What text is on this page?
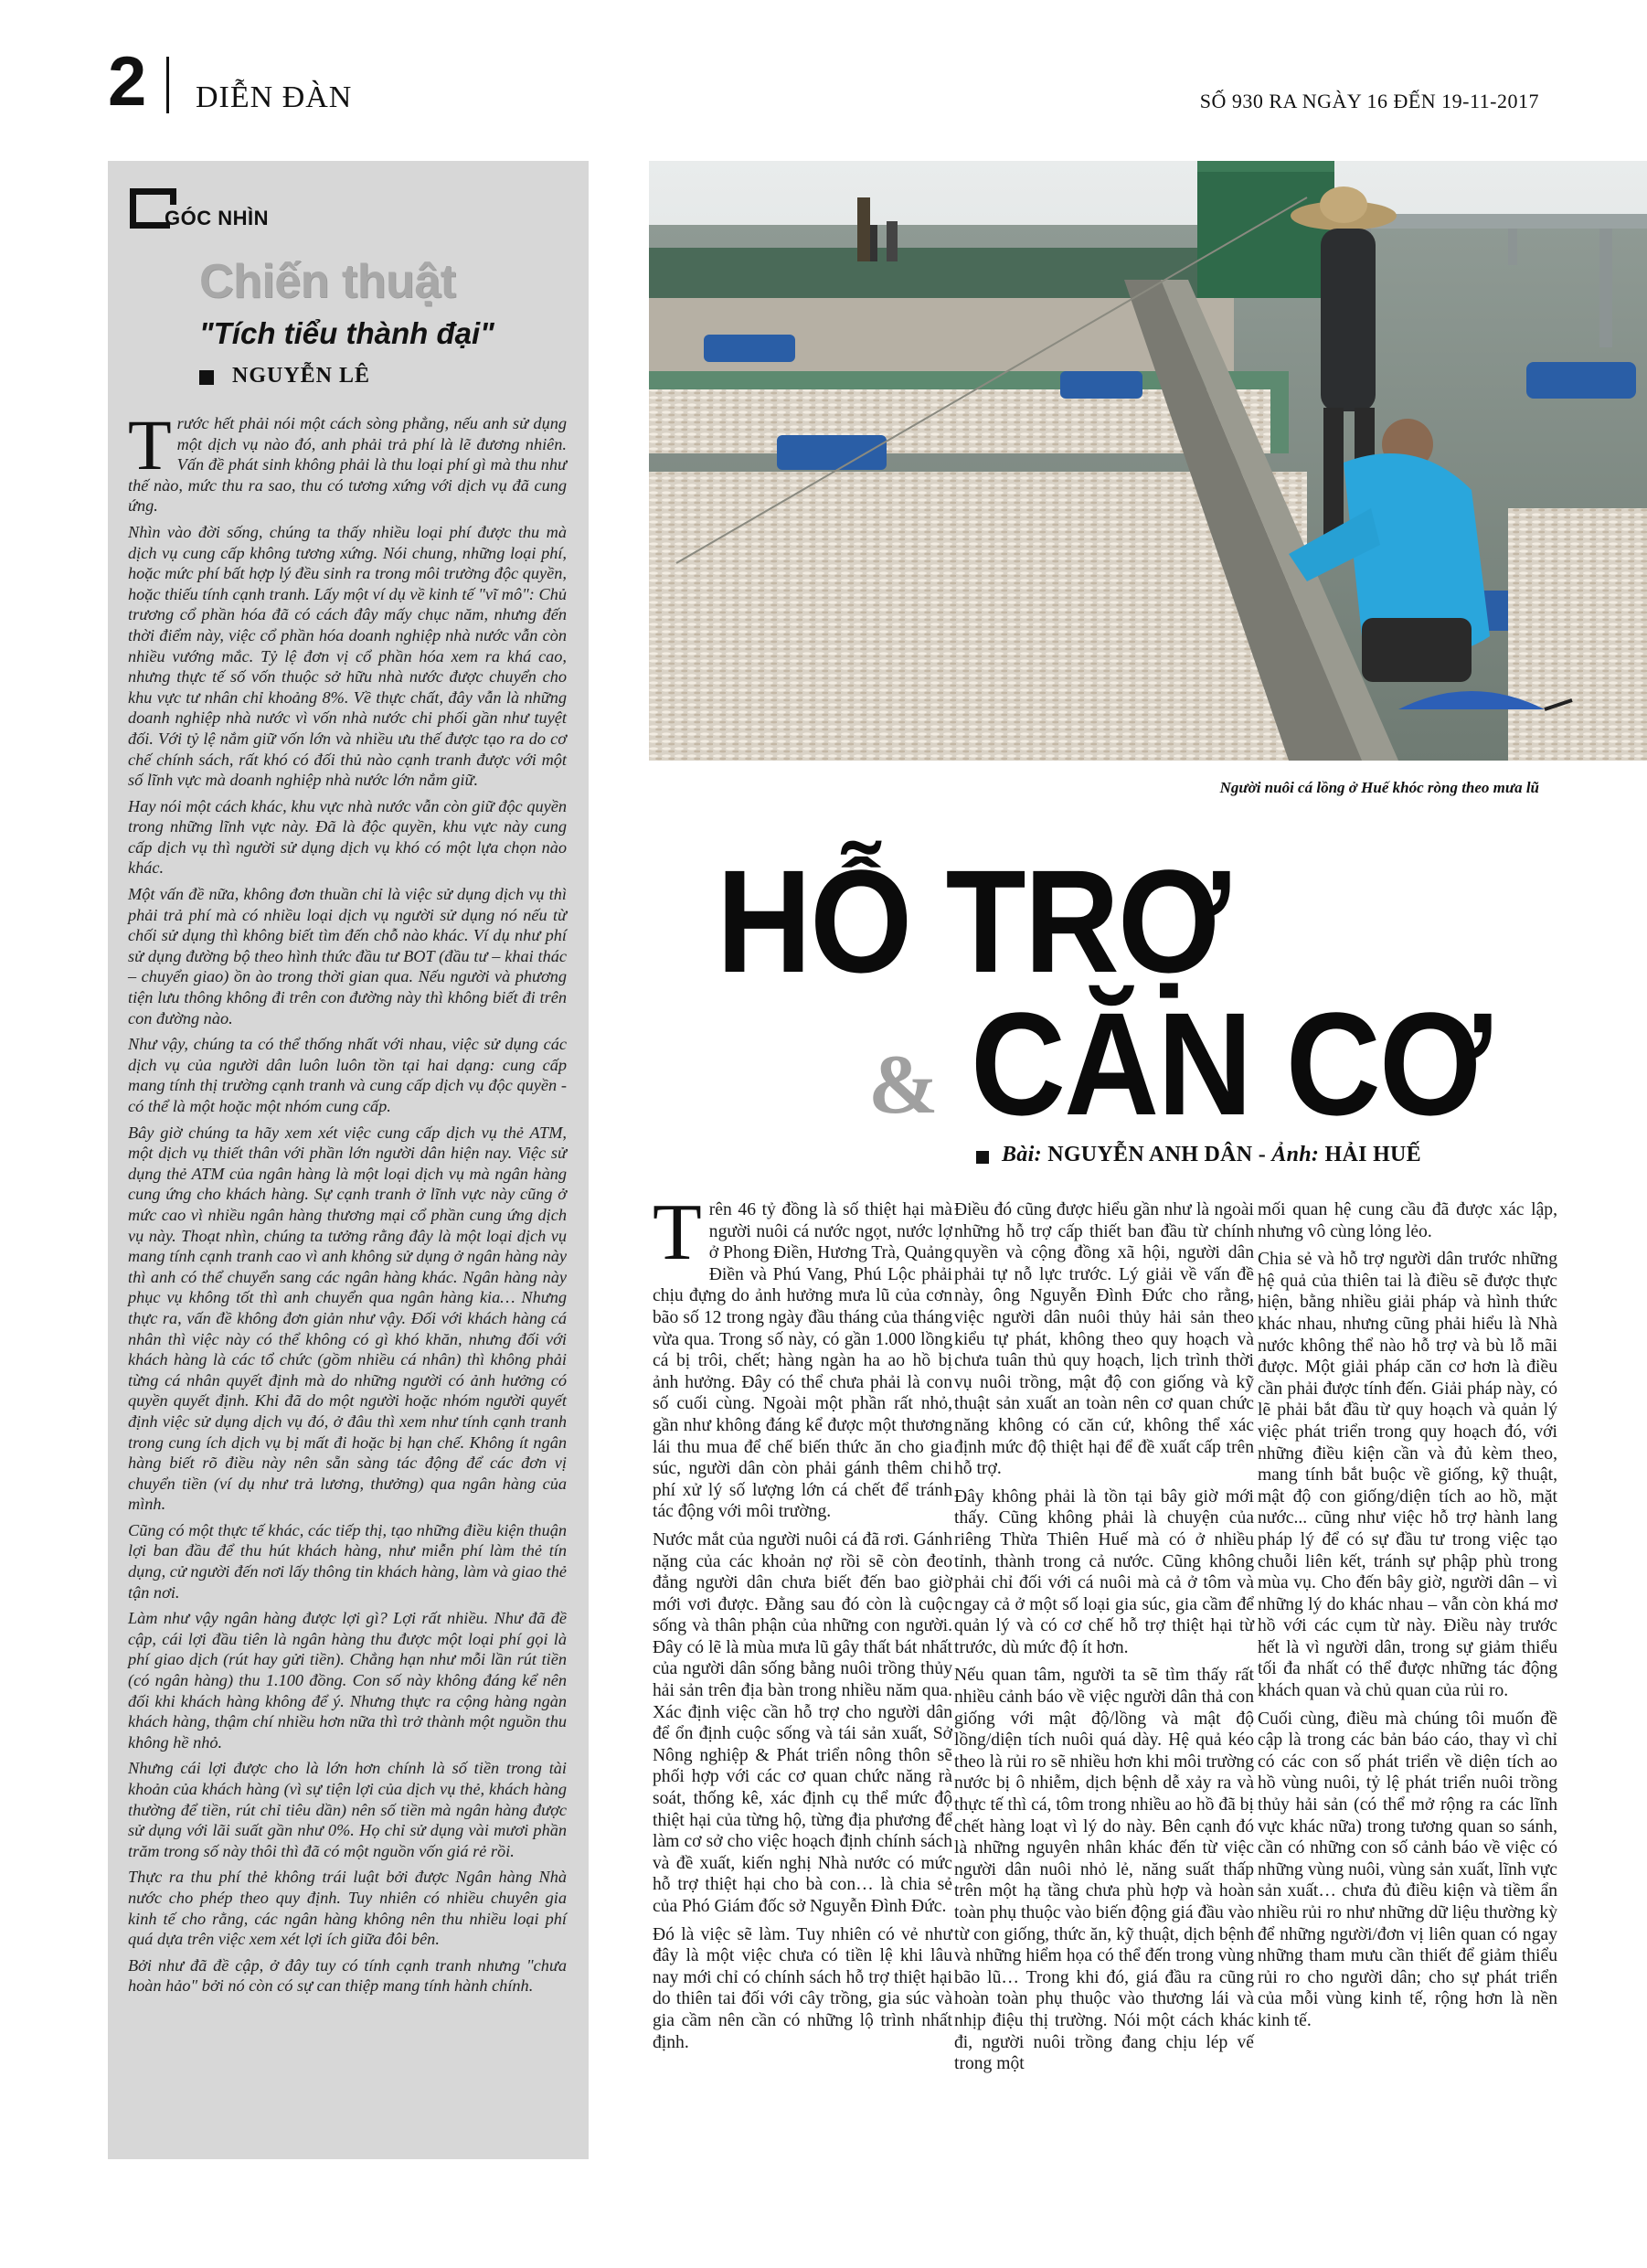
2 DIỄN ĐÀN	SỐ 930 RA NGÀY 16 ĐẾN 19-11-2017
GÓC NHÌN
Chiến thuật
"Tích tiểu thành đại"
NGUYỄN LÊ

Trước hết phải nói một cách sòng phẳng, nếu anh sử dụng một dịch vụ nào đó, anh phải trả phí là lẽ đương nhiên. Vấn đề phát sinh không phải là thu loại phí gì mà thu như thế nào, mức thu ra sao, thu có tương xứng với dịch vụ đã cung ứng.

Nhìn vào đời sống, chúng ta thấy nhiều loại phí được thu mà dịch vụ cung cấp không tương xứng. Nói chung, những loại phí, hoặc mức phí bất hợp lý đều sinh ra trong môi trường độc quyền, hoặc thiếu tính cạnh tranh. Lấy một ví dụ về kinh tế "vĩ mô": Chủ trương cổ phần hóa đã có cách đây mấy chục năm, nhưng đến thời điểm này, việc cổ phần hóa doanh nghiệp nhà nước vẫn còn nhiều vướng mắc. Tỷ lệ đơn vị cổ phần hóa xem ra khá cao, nhưng thực tế số vốn thuộc sở hữu nhà nước được chuyển cho khu vực tư nhân chỉ khoảng 8%. Về thực chất, đây vẫn là những doanh nghiệp nhà nước vì vốn nhà nước chi phối gần như tuyệt đối. Với tỷ lệ nắm giữ vốn lớn và nhiều ưu thế được tạo ra do cơ chế chính sách, rất khó có đối thủ nào cạnh tranh được với một số lĩnh vực mà doanh nghiệp nhà nước lớn nắm giữ.

Hay nói một cách khác, khu vực nhà nước vẫn còn giữ độc quyền trong những lĩnh vực này. Đã là độc quyền, khu vực này cung cấp dịch vụ thì người sử dụng dịch vụ khó có một lựa chọn nào khác.

Một vấn đề nữa, không đơn thuần chỉ là việc sử dụng dịch vụ thì phải trả phí mà có nhiều loại dịch vụ người sử dụng nó nếu từ chối sử dụng thì không biết tìm đến chỗ nào khác. Ví dụ như phí sử dụng đường bộ theo hình thức đầu tư BOT (đầu tư – khai thác – chuyển giao) ồn ào trong thời gian qua. Nếu người và phương tiện lưu thông không đi trên con đường này thì không biết đi trên con đường nào.

Như vậy, chúng ta có thể thống nhất với nhau, việc sử dụng các dịch vụ của người dân luôn luôn tồn tại hai dạng: cung cấp mang tính thị trường cạnh tranh và cung cấp dịch vụ độc quyền - có thể là một hoặc một nhóm cung cấp.

Bây giờ chúng ta hãy xem xét việc cung cấp dịch vụ thẻ ATM, một dịch vụ thiết thân với phần lớn người dân hiện nay. Việc sử dụng thẻ ATM của ngân hàng là một loại dịch vụ mà ngân hàng cung ứng cho khách hàng. Sự cạnh tranh ở lĩnh vực này cũng ở mức cao vì nhiều ngân hàng thương mại cổ phần cung ứng dịch vụ này. Thoạt nhìn, chúng ta tưởng rằng đây là một loại dịch vụ mang tính cạnh tranh cao vì anh không sử dụng ở ngân hàng này thì anh có thể chuyển sang các ngân hàng khác. Ngân hàng này phục vụ không tốt thì anh chuyển qua ngân hàng kia… Nhưng thực ra, vấn đề không đơn giản như vậy. Đối với khách hàng cá nhân thì việc này có thể không có gì khó khăn, nhưng đối với khách hàng là các tổ chức (gồm nhiều cá nhân) thì không phải từng cá nhân quyết định mà do những người có ảnh hưởng có quyền quyết định. Khi đã do một người hoặc nhóm người quyết định việc sử dụng dịch vụ đó, ở đâu thì xem như tính cạnh tranh trong cung ích dịch vụ bị mất đi hoặc bị hạn chế. Không ít ngân hàng biết rõ điều này nên sẵn sàng tác động để các đơn vị chuyển tiền (ví dụ như trả lương, thưởng) qua ngân hàng của mình.

Cũng có một thực tế khác, các tiếp thị, tạo những điều kiện thuận lợi ban đầu để thu hút khách hàng, như miễn phí làm thẻ tín dụng, cử người đến nơi lấy thông tin khách hàng, làm và giao thẻ tận nơi.

Làm như vậy ngân hàng được lợi gì? Lợi rất nhiều. Như đã đề cập, cái lợi đầu tiên là ngân hàng thu được một loại phí gọi là phí giao dịch (rút hay gửi tiền). Chẳng hạn như mỗi lần rút tiền (có ngân hàng) thu 1.100 đồng. Con số này không đáng kể nên đối khi khách hàng không để ý. Nhưng thực ra cộng hàng ngàn khách hàng, thậm chí nhiều hơn nữa thì trở thành một nguồn thu không hề nhỏ.

Nhưng cái lợi được cho là lớn hơn chính là số tiền trong tài khoản của khách hàng (vì sự tiện lợi của dịch vụ thẻ, khách hàng thường để tiền, rút chỉ tiêu dần) nên số tiền mà ngân hàng được sử dụng với lãi suất gần như 0%. Họ chỉ sử dụng vài mươi phần trăm trong số này thôi thì đã có một nguồn vốn giá rẻ rồi.

Thực ra thu phí thẻ không trái luật bởi được Ngân hàng Nhà nước cho phép theo quy định. Tuy nhiên có nhiều chuyên gia kinh tế cho rằng, các ngân hàng không nên thu nhiều loại phí quá dựa trên việc xem xét lợi ích giữa đôi bên.

Bởi như đã đề cập, ở đây tuy có tính cạnh tranh nhưng "chưa hoàn hảo" bởi nó còn có sự can thiệp mang tính hành chính.

Người nuôi cá lồng ở Huế khóc ròng theo mưa lũ
HỖ TRỢ
& CĂN CƠ
Bài: NGUYỄN ANH DÂN - Ảnh: HẢI HUẾ

Trên 46 tỷ đồng là số thiệt hại mà người nuôi cá nước ngọt, nước lợ ở Phong Điền, Hương Trà, Quảng Điền và Phú Vang, Phú Lộc phải chịu đựng do ảnh hưởng mưa lũ của cơn bão số 12 trong ngày đầu tháng của tháng vừa qua. Trong số này, có gần 1.000 lồng cá bị trôi, chết; hàng ngàn ha ao hồ bị ảnh hưởng. Đây có thể chưa phải là con số cuối cùng. Ngoài một phần rất nhỏ, gần như không đáng kể được một thương lái thu mua để chế biến thức ăn cho gia súc, người dân còn phải gánh thêm chi phí xử lý số lượng lớn cá chết để tránh tác động với môi trường.

Nước mắt của người nuôi cá đã rơi. Gánh nặng của các khoản nợ rồi sẽ còn đeo đẳng người dân chưa biết đến bao giờ mới vơi được. Đằng sau đó còn là cuộc sống và thân phận của những con người. Đây có lẽ là mùa mưa lũ gây thất bát nhất của người dân sống bằng nuôi trồng thủy hải sản trên địa bàn trong nhiều năm qua. Xác định việc cần hỗ trợ cho người dân để ổn định cuộc sống và tái sản xuất, Sở Nông nghiệp & Phát triển nông thôn sẽ phối hợp với các cơ quan chức năng rà soát, thống kê, xác định cụ thể mức độ thiệt hại của từng hộ, từng địa phương để làm cơ sở cho việc hoạch định chính sách và đề xuất, kiến nghị Nhà nước có mức hỗ trợ thiệt hại cho bà con… là chia sẻ của Phó Giám đốc sở Nguyễn Đình Đức.

Đó là việc sẽ làm. Tuy nhiên có vẻ như đây là một việc chưa có tiền lệ khi lâu nay mới chỉ có chính sách hỗ trợ thiệt hại do thiên tai đối với cây trồng, gia súc và gia cầm nên cần có những lộ trình nhất định.

Điều đó cũng được hiểu gần như là ngoài những hỗ trợ cấp thiết ban đầu từ chính quyền và cộng đồng xã hội, người dân phải tự nỗ lực trước. Lý giải về vấn đề này, ông Nguyễn Đình Đức cho rằng, việc người dân nuôi thủy hải sản theo kiểu tự phát, không theo quy hoạch và chưa tuân thủ quy hoạch, lịch trình thời vụ nuôi trồng, mật độ con giống và kỹ thuật sản xuất an toàn nên cơ quan chức năng không có căn cứ, không thể xác định mức độ thiệt hại để đề xuất cấp trên hỗ trợ.

Đây không phải là tồn tại bây giờ mới thấy. Cũng không phải là chuyện của riêng Thừa Thiên Huế mà có ở nhiều tỉnh, thành trong cả nước. Cũng không phải chỉ đối với cá nuôi mà cả ở tôm và ngay cả ở một số loại gia súc, gia cầm để quản lý và có cơ chế hỗ trợ thiệt hại từ trước, dù mức độ ít hơn.

Nếu quan tâm, người ta sẽ tìm thấy rất nhiều cảnh báo về việc người dân thả con giống với mật độ/lồng và mật độ lồng/diện tích nuôi quá dày. Hệ quả kéo theo là rủi ro sẽ nhiều hơn khi môi trường nước bị ô nhiễm, dịch bệnh dễ xảy ra và thực tế thì cá, tôm trong nhiều ao hồ đã bị chết hàng loạt vì lý do này. Bên cạnh đó là những nguyên nhân khác đến từ việc người dân nuôi nhỏ lẻ, năng suất thấp trên một hạ tầng chưa phù hợp và hoàn toàn phụ thuộc vào biến động giá đầu vào từ con giống, thức ăn, kỹ thuật, dịch bệnh và những hiểm họa có thể đến trong vùng bão lũ… Trong khi đó, giá đầu ra cũng hoàn toàn phụ thuộc vào thương lái và nhịp điệu thị trường. Nói một cách khác đi, người nuôi trồng đang chịu lép vế trong một

mối quan hệ cung cầu đã được xác lập, nhưng vô cùng lỏng lẻo.

Chia sẻ và hỗ trợ người dân trước những hệ quả của thiên tai là điều sẽ được thực hiện, bằng nhiều giải pháp và hình thức khác nhau, nhưng cũng phải hiểu là Nhà nước không thể nào hỗ trợ và bù lỗ mãi được. Một giải pháp căn cơ hơn là điều cần phải được tính đến. Giải pháp này, có lẽ phải bắt đầu từ quy hoạch và quản lý việc phát triển trong quy hoạch đó, với những điều kiện cần và đủ kèm theo, mang tính bắt buộc về giống, kỹ thuật, mật độ con giống/diện tích ao hồ, mặt nước... cũng như việc hỗ trợ hành lang pháp lý để có sự đầu tư trong việc tạo chuỗi liên kết, tránh sự phập phù trong mùa vụ. Cho đến bây giờ, người dân – vì những lý do khác nhau – vẫn còn khá mơ hồ với các cụm từ này. Điều này trước hết là vì người dân, trong sự giảm thiểu tối đa nhất có thể được những tác động khách quan và chủ quan của rủi ro.

Cuối cùng, điều mà chúng tôi muốn đề cập là trong các bản báo cáo, thay vì chỉ có các con số phát triển về diện tích ao hồ vùng nuôi, tỷ lệ phát triển nuôi trồng thủy hải sản (có thể mở rộng ra các lĩnh vực khác nữa) trong tương quan so sánh, cần có những con số cảnh báo về việc có những vùng nuôi, vùng sản xuất, lĩnh vực sản xuất… chưa đủ điều kiện và tiềm ẩn nhiều rủi ro như những dữ liệu thường kỳ để những người/đơn vị liên quan có ngay những tham mưu cần thiết để giảm thiểu rủi ro cho người dân; cho sự phát triển của mỗi vùng kinh tế, rộng hơn là nền kinh tế.
